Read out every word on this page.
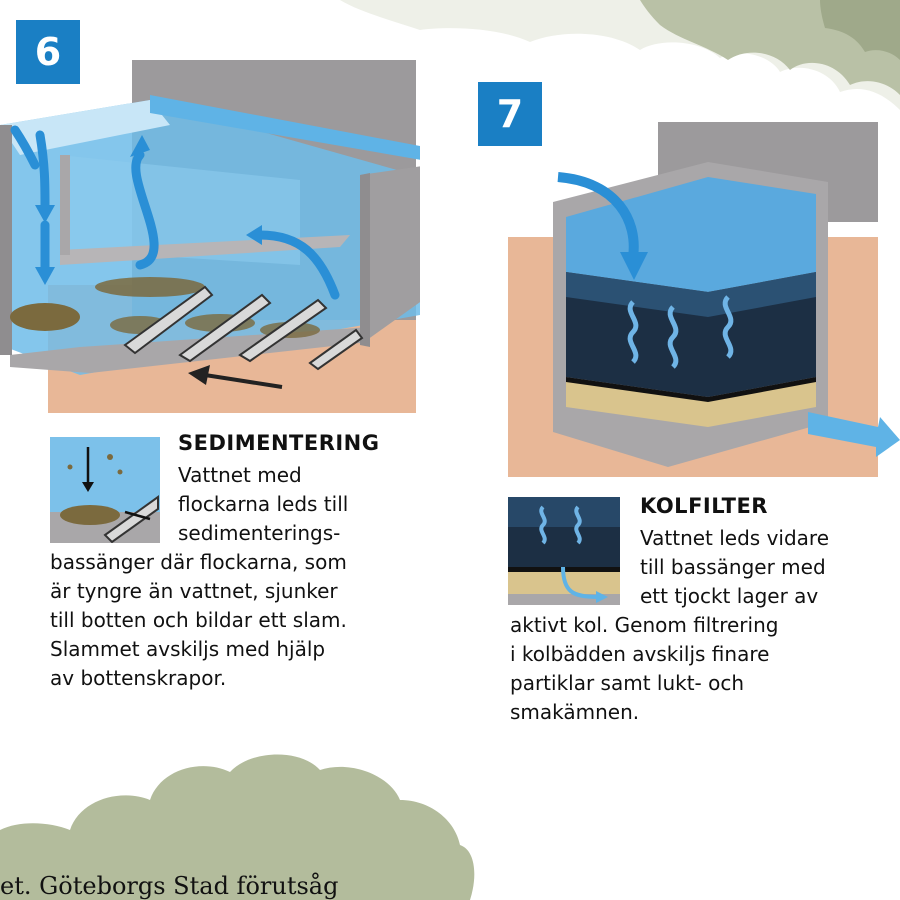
6
7
SEDIMENTERING
Vattnet med
flockarna leds till
sedimenterings-
bassänger där flockarna, som
är tyngre än vattnet, sjunker
till botten och bildar ett slam.
Slammet avskiljs med hjälp
av bottenskrapor.
KOLFILTER
Vattnet leds vidare
till bassänger med
ett tjockt lager av
aktivt kol. Genom filtrering
i kolbädden avskiljs finare
partiklar samt lukt- och
smakämnen.
et. Göteborgs Stad förutsåg
